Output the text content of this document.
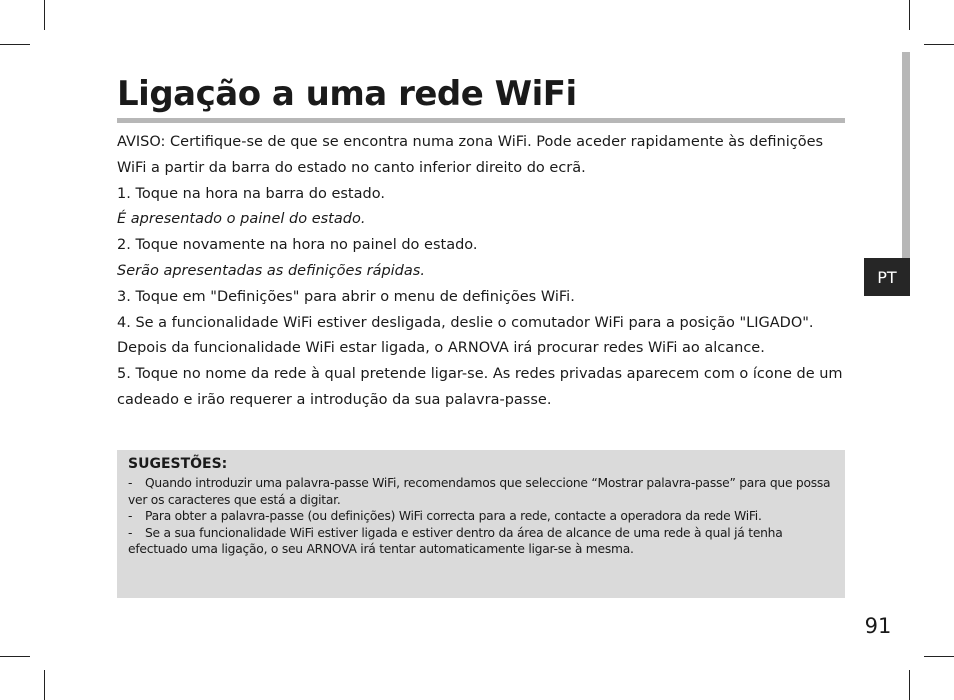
PT
Ligação a uma rede WiFi

AVISO: Certifique-se de que se encontra numa zona WiFi. Pode aceder rapidamente às definições WiFi a partir da barra do estado no canto inferior direito do ecrã.

1. Toque na hora na barra do estado.

É apresentado o painel do estado.

2. Toque novamente na hora no painel do estado.

Serão apresentadas as definições rápidas.

3. Toque em "Definições" para abrir o menu de definições WiFi.

4. Se a funcionalidade WiFi estiver desligada, deslie o comutador WiFi para a posição "LIGADO". Depois da funcionalidade WiFi estar ligada, o ARNOVA irá procurar redes WiFi ao alcance.

5. Toque no nome da rede à qual pretende ligar-se. As redes privadas aparecem com o ícone de um cadeado e irão requerer a introdução da sua palavra-passe.

SUGESTÕES:

- Quando introduzir uma palavra-passe WiFi, recomendamos que seleccione “Mostrar palavra-passe” para que possa ver os caracteres que está a digitar.

- Para obter a palavra-passe (ou definições) WiFi correcta para a rede, contacte a operadora da rede WiFi.

- Se a sua funcionalidade WiFi estiver ligada e estiver dentro da área de alcance de uma rede à qual já tenha efectuado uma ligação, o seu ARNOVA irá tentar automaticamente ligar-se à mesma.

91
